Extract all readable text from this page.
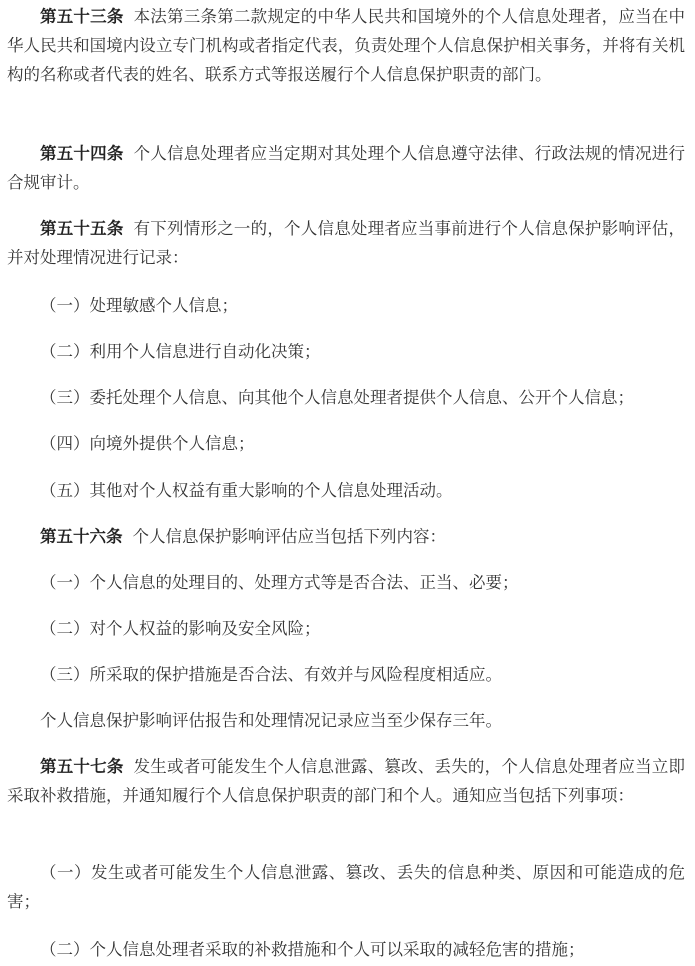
第五十三条 本法第三条第二款规定的中华人民共和国境外的个人信息处理者，应当在中华人民共和国境内设立专门机构或者指定代表，负责处理个人信息保护相关事务，并将有关机构的名称或者代表的姓名、联系方式等报送履行个人信息保护职责的部门。

第五十四条 个人信息处理者应当定期对其处理个人信息遵守法律、行政法规的情况进行合规审计。

第五十五条 有下列情形之一的，个人信息处理者应当事前进行个人信息保护影响评估，并对处理情况进行记录：

（一）处理敏感个人信息；

（二）利用个人信息进行自动化决策；

（三）委托处理个人信息、向其他个人信息处理者提供个人信息、公开个人信息；

（四）向境外提供个人信息；

（五）其他对个人权益有重大影响的个人信息处理活动。

第五十六条 个人信息保护影响评估应当包括下列内容：

（一）个人信息的处理目的、处理方式等是否合法、正当、必要；

（二）对个人权益的影响及安全风险；

（三）所采取的保护措施是否合法、有效并与风险程度相适应。

个人信息保护影响评估报告和处理情况记录应当至少保存三年。

第五十七条 发生或者可能发生个人信息泄露、篡改、丢失的，个人信息处理者应当立即采取补救措施，并通知履行个人信息保护职责的部门和个人。通知应当包括下列事项：

（一）发生或者可能发生个人信息泄露、篡改、丢失的信息种类、原因和可能造成的危害；

（二）个人信息处理者采取的补救措施和个人可以采取的减轻危害的措施；
